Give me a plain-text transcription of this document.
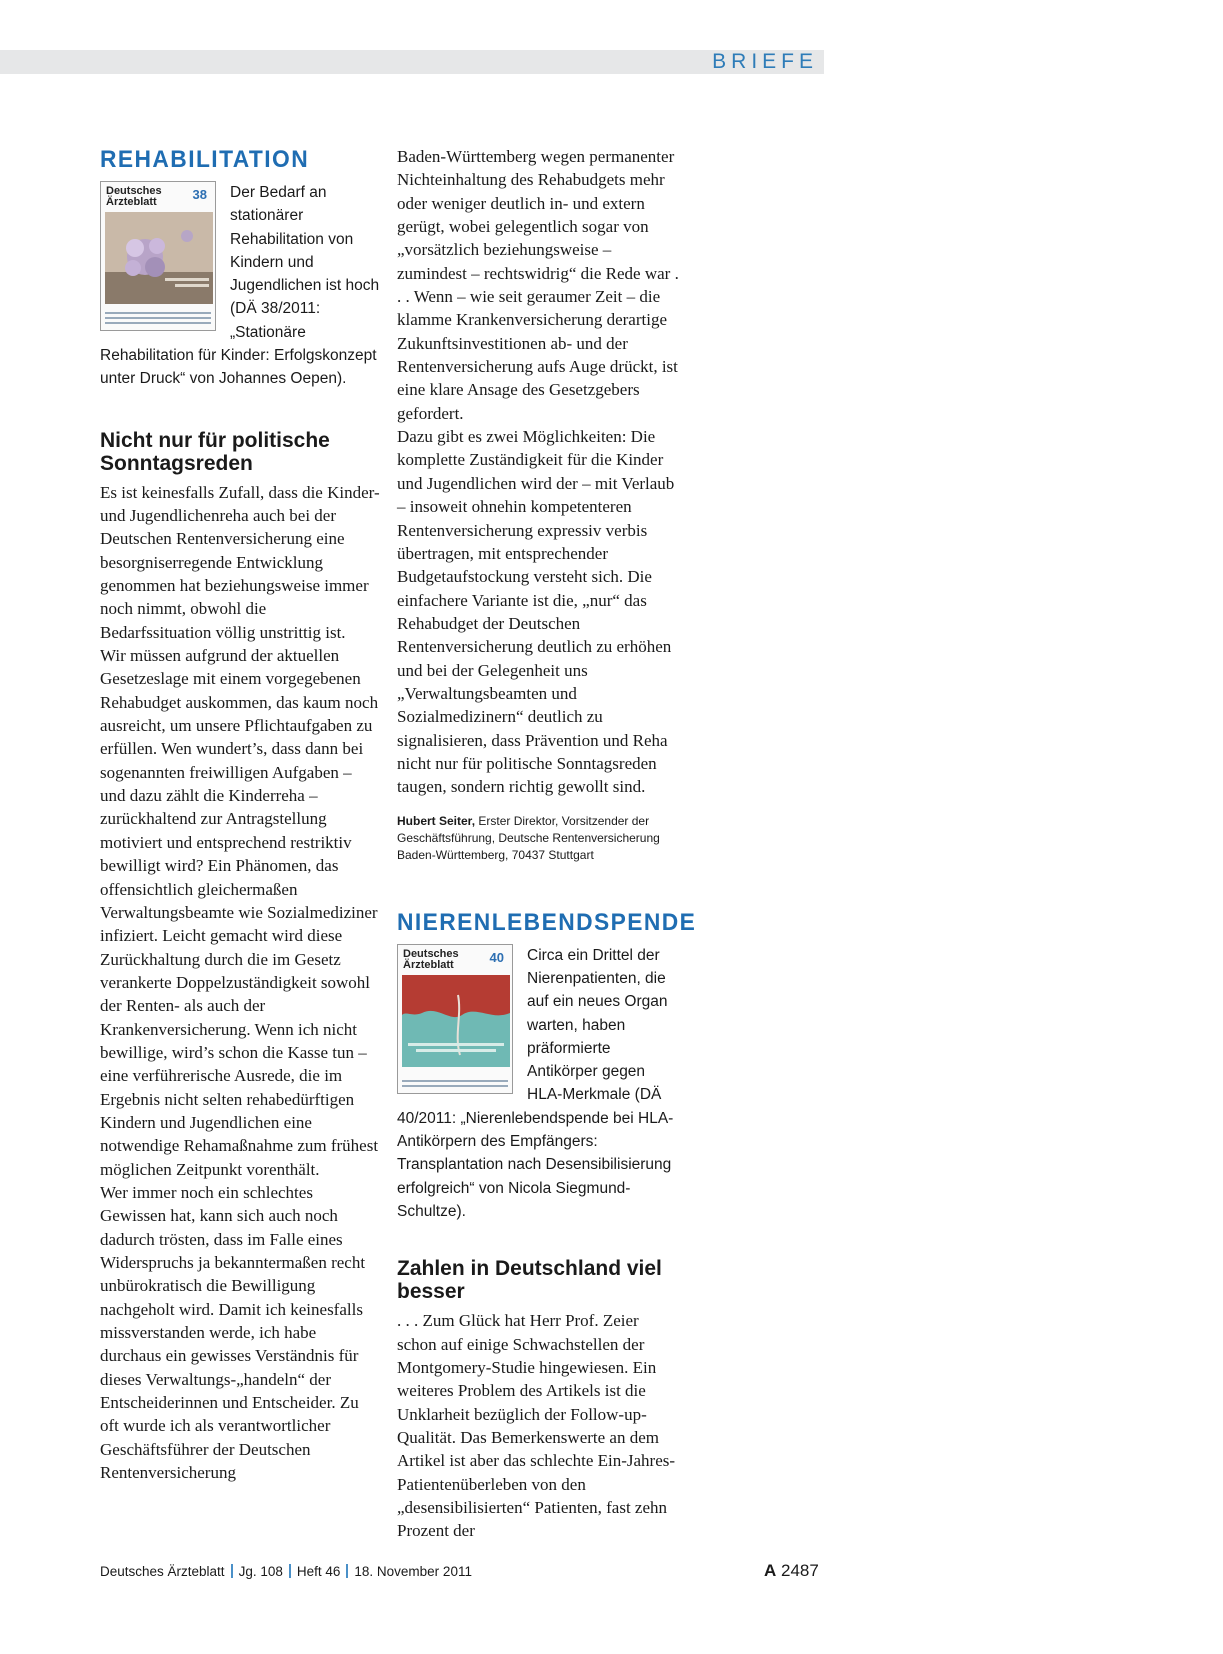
BRIEFE
REHABILITATION
Deutsches
Ärzteblatt	38	Der Bedarf an stationärer Rehabilitation von Kindern und Jugendlichen ist hoch (DÄ 38/2011: „Stationäre Rehabilitation für Kinder: Erfolgskonzept unter Druck“ von Johannes Oepen).

Nicht nur für politische Sonntagsreden

Es ist keinesfalls Zufall, dass die Kinder- und Jugendlichenreha auch bei der Deutschen Rentenversicherung eine besorgniserregende Entwicklung genommen hat beziehungsweise immer noch nimmt, obwohl die Bedarfssituation völlig unstrittig ist.

Wir müssen aufgrund der aktuellen Gesetzeslage mit einem vorgegebenen Rehabudget auskommen, das kaum noch ausreicht, um unsere Pflichtaufgaben zu erfüllen. Wen wundert’s, dass dann bei sogenannten freiwilligen Aufgaben – und dazu zählt die Kinderreha – zurückhaltend zur Antragstellung motiviert und entsprechend restriktiv bewilligt wird? Ein Phänomen, das offensichtlich gleichermaßen Verwaltungsbeamte wie Sozialmediziner infiziert. Leicht gemacht wird diese Zurückhaltung durch die im Gesetz verankerte Doppelzuständigkeit sowohl der Renten- als auch der Krankenversicherung. Wenn ich nicht bewillige, wird’s schon die Kasse tun – eine verführerische Ausrede, die im Ergebnis nicht selten rehabedürftigen Kindern und Jugendlichen eine notwendige Rehamaßnahme zum frühest möglichen Zeitpunkt vorenthält.

Wer immer noch ein schlechtes Gewissen hat, kann sich auch noch dadurch trösten, dass im Falle eines Widerspruchs ja bekanntermaßen recht unbürokratisch die Bewilligung nachgeholt wird. Damit ich keinesfalls missverstanden werde, ich habe durchaus ein gewisses Verständnis für dieses Verwaltungs-„handeln“ der Entscheiderinnen und Entscheider. Zu oft wurde ich als verantwortlicher Geschäftsführer der Deutschen Rentenversicherung

Baden-Württemberg wegen permanenter Nichteinhaltung des Rehabudgets mehr oder weniger deutlich in- und extern gerügt, wobei gelegentlich sogar von „vorsätzlich beziehungsweise – zumindest – rechtswidrig“ die Rede war . . . Wenn – wie seit geraumer Zeit – die klamme Krankenversicherung derartige Zukunftsinvestitionen ab- und der Rentenversicherung aufs Auge drückt, ist eine klare Ansage des Gesetzgebers gefordert.

Dazu gibt es zwei Möglichkeiten: Die komplette Zuständigkeit für die Kinder und Jugendlichen wird der – mit Verlaub – insoweit ohnehin kompetenteren Rentenversicherung expressiv verbis übertragen, mit entsprechender Budgetaufstockung versteht sich. Die einfachere Variante ist die, „nur“ das Rehabudget der Deutschen Rentenversicherung deutlich zu erhöhen und bei der Gelegenheit uns „Verwaltungsbeamten und Sozialmedizinern“ deutlich zu signalisieren, dass Prävention und Reha nicht nur für politische Sonntagsreden taugen, sondern richtig gewollt sind.

Hubert Seiter, Erster Direktor, Vorsitzender der Geschäftsführung, Deutsche Rentenversicherung Baden-Württemberg, 70437 Stuttgart

NIERENLEBENDSPENDE
Deutsches
Ärzteblatt	40	Circa ein Drittel der Nierenpatienten, die auf ein neues Organ warten, haben präformierte Antikörper gegen HLA-Merkmale (DÄ 40/2011: „Nierenlebendspende bei HLA-Antikörpern des Empfängers: Transplantation nach Desensibilisierung erfolgreich“ von Nicola Siegmund-Schultze).

Zahlen in Deutschland viel besser

. . . Zum Glück hat Herr Prof. Zeier schon auf einige Schwachstellen der Montgomery-Studie hingewiesen. Ein weiteres Problem des Artikels ist die Unklarheit bezüglich der Follow-up-Qualität. Das Bemerkenswerte an dem Artikel ist aber das schlechte Ein-Jahres-Patientenüberleben von den „desensibilisierten“ Patienten, fast zehn Prozent der

Deutsches Ärzteblatt Jg. 108 Heft 46 18. November 2011	A 2487
